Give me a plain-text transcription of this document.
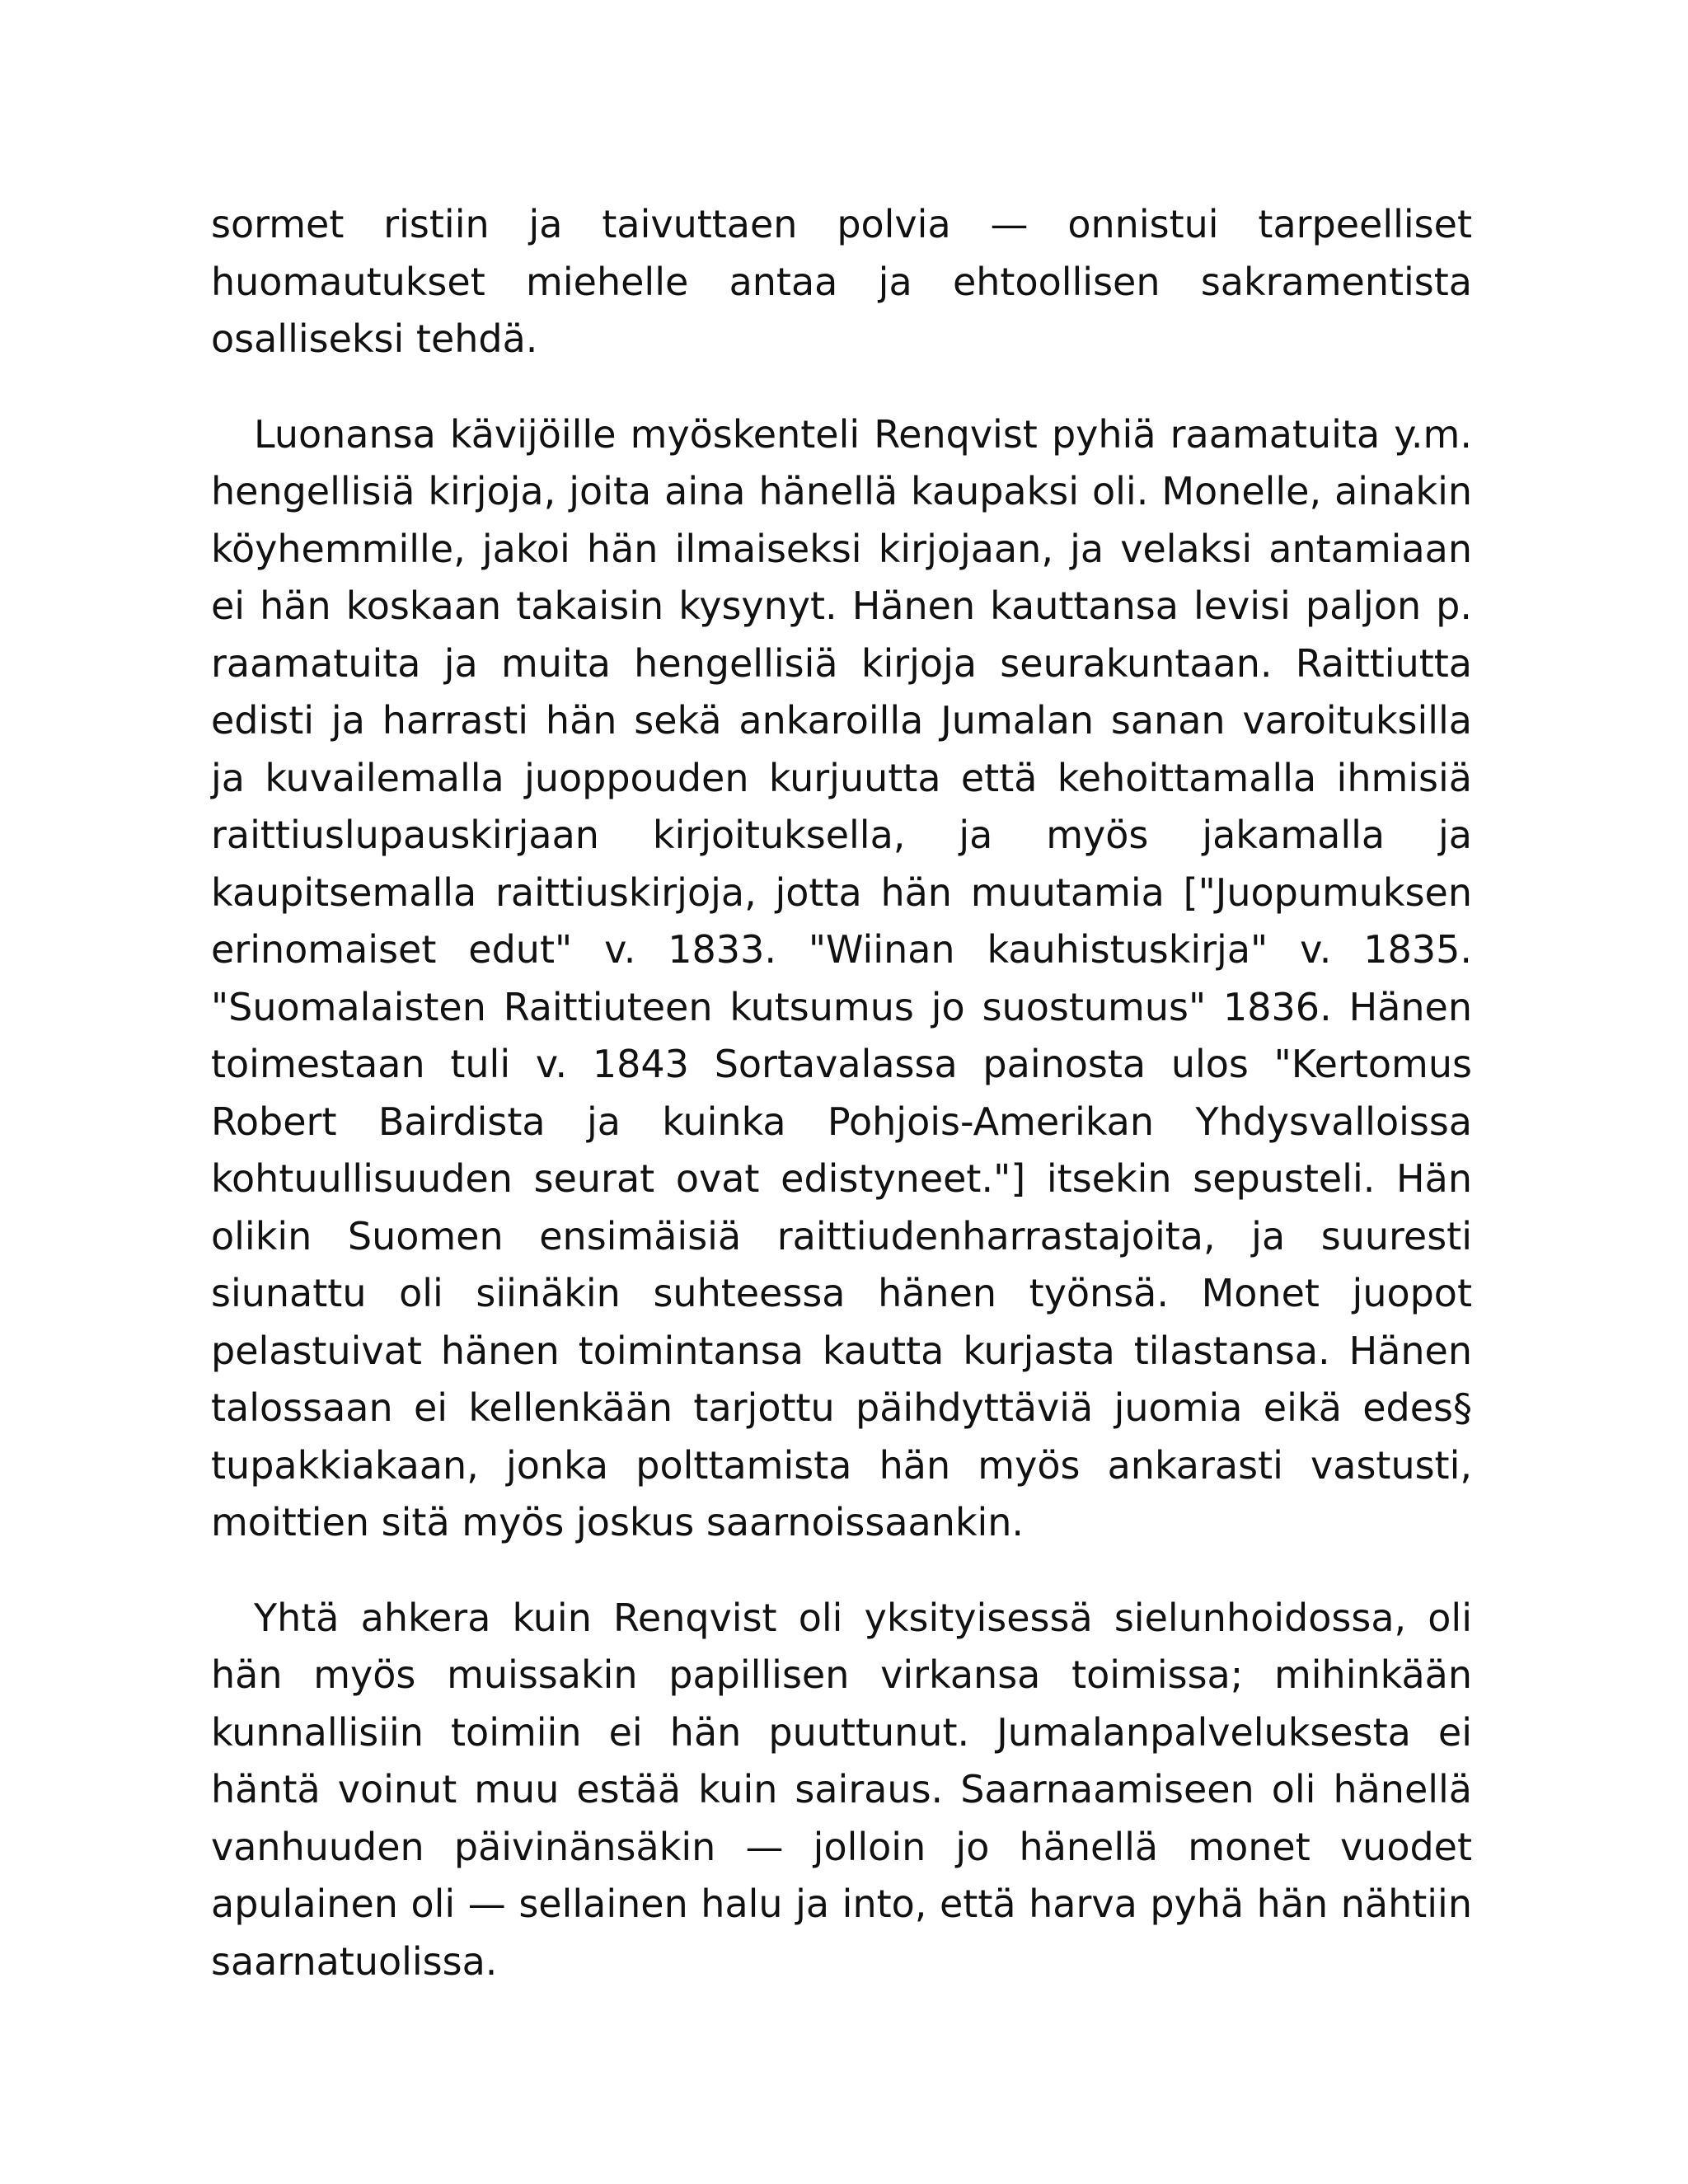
sormet ristiin ja taivuttaen polvia — onnistui tarpeelliset huomautukset miehelle antaa ja ehtoollisen sakramentista osalliseksi tehdä.

Luonansa kävijöille myöskenteli Renqvist pyhiä raamatuita y.m. hengellisiä kirjoja, joita aina hänellä kaupaksi oli. Monelle, ainakin köyhemmille, jakoi hän ilmaiseksi kirjojaan, ja velaksi antamiaan ei hän koskaan takaisin kysynyt. Hänen kauttansa levisi paljon p. raamatuita ja muita hengellisiä kirjoja seurakuntaan. Raittiutta edisti ja harrasti hän sekä ankaroilla Jumalan sanan varoituksilla ja kuvailemalla juoppouden kurjuutta että kehoittamalla ihmisiä raittiuslupauskirjaan kirjoituksella, ja myös jakamalla ja kaupitsemalla raittiuskirjoja, jotta hän muutamia ["Juopumuksen erinomaiset edut" v. 1833. "Wiinan kauhistuskirja" v. 1835. "Suomalaisten Raittiuteen kutsumus jo suostumus" 1836. Hänen toimestaan tuli v. 1843 Sortavalassa painosta ulos "Kertomus Robert Bairdista ja kuinka Pohjois-Amerikan Yhdysvalloissa kohtuullisuuden seurat ovat edistyneet."] itsekin sepusteli. Hän olikin Suomen ensimäisiä raittiudenharrastajoita, ja suuresti siunattu oli siinäkin suhteessa hänen työnsä. Monet juopot pelastuivat hänen toimintansa kautta kurjasta tilastansa. Hänen talossaan ei kellenkään tarjottu päihdyttäviä juomia eikä edes§ tupakkiakaan, jonka polttamista hän myös ankarasti vastusti, moittien sitä myös joskus saarnoissaankin.

Yhtä ahkera kuin Renqvist oli yksityisessä sielunhoidossa, oli hän myös muissakin papillisen virkansa toimissa; mihinkään kunnallisiin toimiin ei hän puuttunut. Jumalanpalveluksesta ei häntä voinut muu estää kuin sairaus. Saarnaamiseen oli hänellä vanhuuden päivinänsäkin — jolloin jo hänellä monet vuodet apulainen oli — sellainen halu ja into, että harva pyhä hän nähtiin saarnatuolissa.
